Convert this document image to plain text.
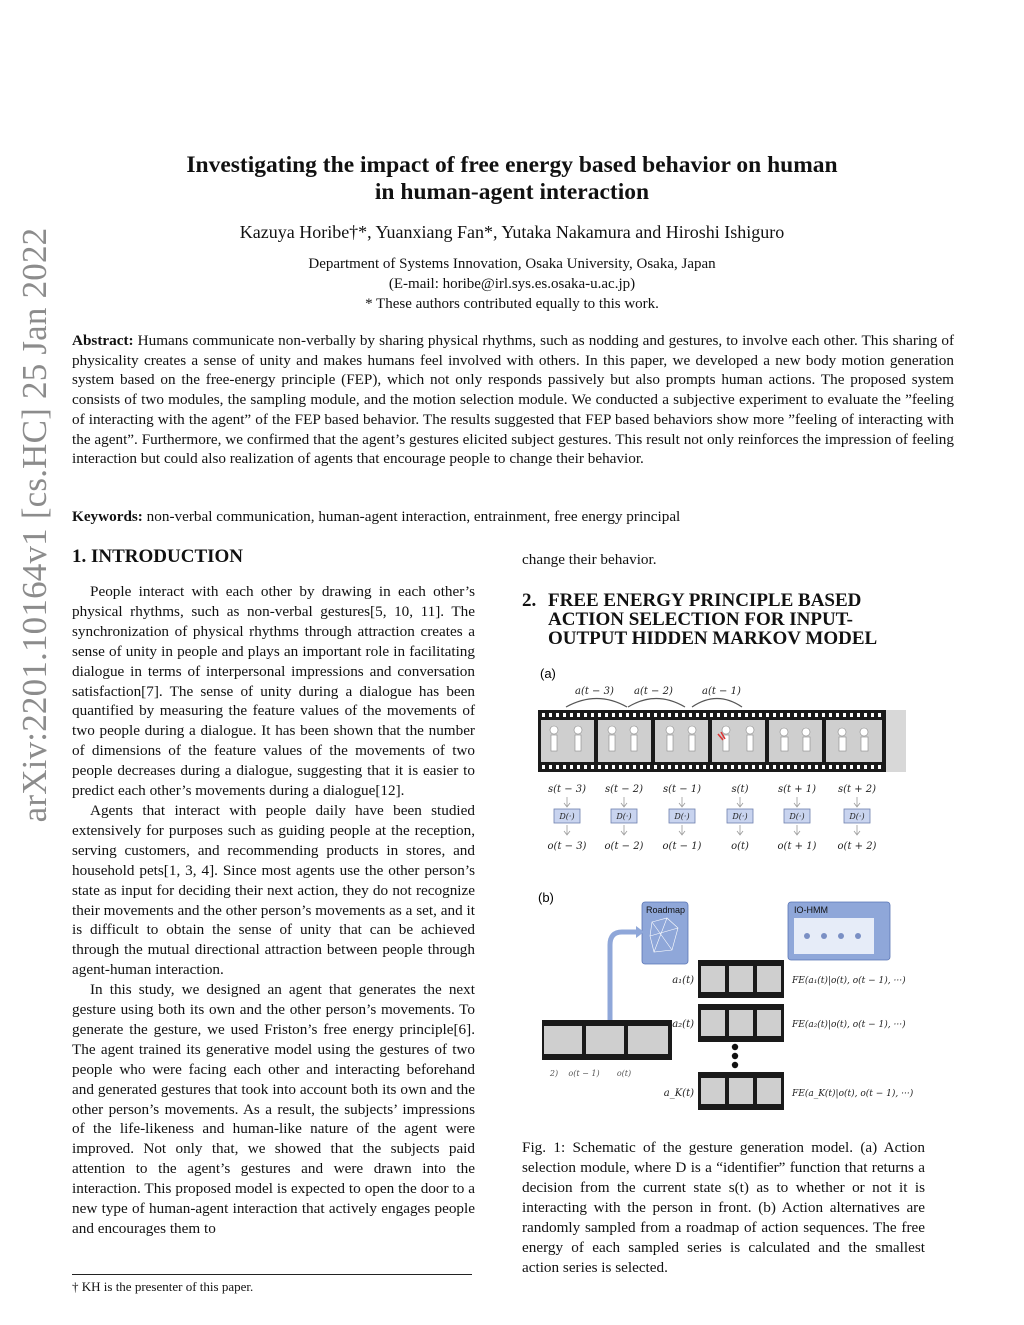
arXiv:2201.10164v1 [cs.HC] 25 Jan 2022
Investigating the impact of free energy based behavior on human
in human-agent interaction
Kazuya Horibe†*, Yuanxiang Fan*, Yutaka Nakamura and Hiroshi Ishiguro
Department of Systems Innovation, Osaka University, Osaka, Japan
(E-mail: horibe@irl.sys.es.osaka-u.ac.jp)
* These authors contributed equally to this work.
Abstract: Humans communicate non-verbally by sharing physical rhythms, such as nodding and gestures, to involve each other. This sharing of physicality creates a sense of unity and makes humans feel involved with others. In this paper, we developed a new body motion generation system based on the free-energy principle (FEP), which not only responds passively but also prompts human actions. The proposed system consists of two modules, the sampling module, and the motion selection module. We conducted a subjective experiment to evaluate the ”feeling of interacting with the agent” of the FEP based behavior. The results suggested that FEP based behaviors show more ”feeling of interacting with the agent”. Furthermore, we confirmed that the agent’s gestures elicited subject gestures. This result not only reinforces the impression of feeling interaction but could also realization of agents that encourage people to change their behavior.
Keywords: non-verbal communication, human-agent interaction, entrainment, free energy principal
1. INTRODUCTION

People interact with each other by drawing in each other’s physical rhythms, such as non-verbal gestures[5, 10, 11]. The synchronization of physical rhythms through attraction creates a sense of unity in people and plays an important role in facilitating dialogue in terms of interpersonal impressions and conversation satisfaction[7]. The sense of unity during a dialogue has been quantified by measuring the feature values of the movements of two people during a dialogue. It has been shown that the number of dimensions of the feature values of the movements of two people decreases during a dialogue, suggesting that it is easier to predict each other’s movements during a dialogue[12].

Agents that interact with people daily have been studied extensively for purposes such as guiding people at the reception, serving customers, and recommending products in stores, and household pets[1, 3, 4]. Since most agents use the other person’s state as input for deciding their next action, they do not recognize their movements and the other person’s movements as a set, and it is difficult to obtain the sense of unity that can be achieved through the mutual directional attraction between people through agent-human interaction.

In this study, we designed an agent that generates the next gesture using both its own and the other person’s movements. To generate the gesture, we used Friston’s free energy principle[6]. The agent trained its generative model using the gestures of two people who were facing each other and interacting beforehand and generated gestures that took into account both its own and the other person’s movements. As a result, the subjects’ impressions of the life-likeness and human-like nature of the agent were improved. Not only that, we showed that the subjects paid attention to the agent’s gestures and were drawn into the interaction. This proposed model is expected to open the door to a new type of human-agent interaction that actively engages people and encourages them to

† KH is the presenter of this paper.
change their behavior.
2. FREE ENERGY PRINCIPLE BASED ACTION SELECTION FOR INPUT-OUTPUT HIDDEN MARKOV MODEL
(a)
a(t − 3) a(t − 2)	a(t − 1)
s(t − 3) s(t − 2) s(t − 1)	s(t)	s(t + 1) s(t + 2)
D(·)	D(·)	D(·)	D(·)	D(·)	D(·)
o(t − 3) o(t − 2) o(t − 1)	o(t)	o(t + 1) o(t + 2)
(b)
Roadmap	IO-HMM
2) o(t − 1) o(t)
a₁(t)
a₂(t)
a_K(t)
FE(a₁(t)|o(t), o(t − 1), ···)
FE(a₂(t)|o(t), o(t − 1), ···)
FE(a_K(t)|o(t), o(t − 1), ···)
Fig. 1: Schematic of the gesture generation model. (a) Action selection module, where D is a “identifier” function that returns a decision from the current state s(t) as to whether or not it is interacting with the person in front. (b) Action alternatives are randomly sampled from a roadmap of action sequences. The free energy of each sampled series is calculated and the smallest action series is selected.
